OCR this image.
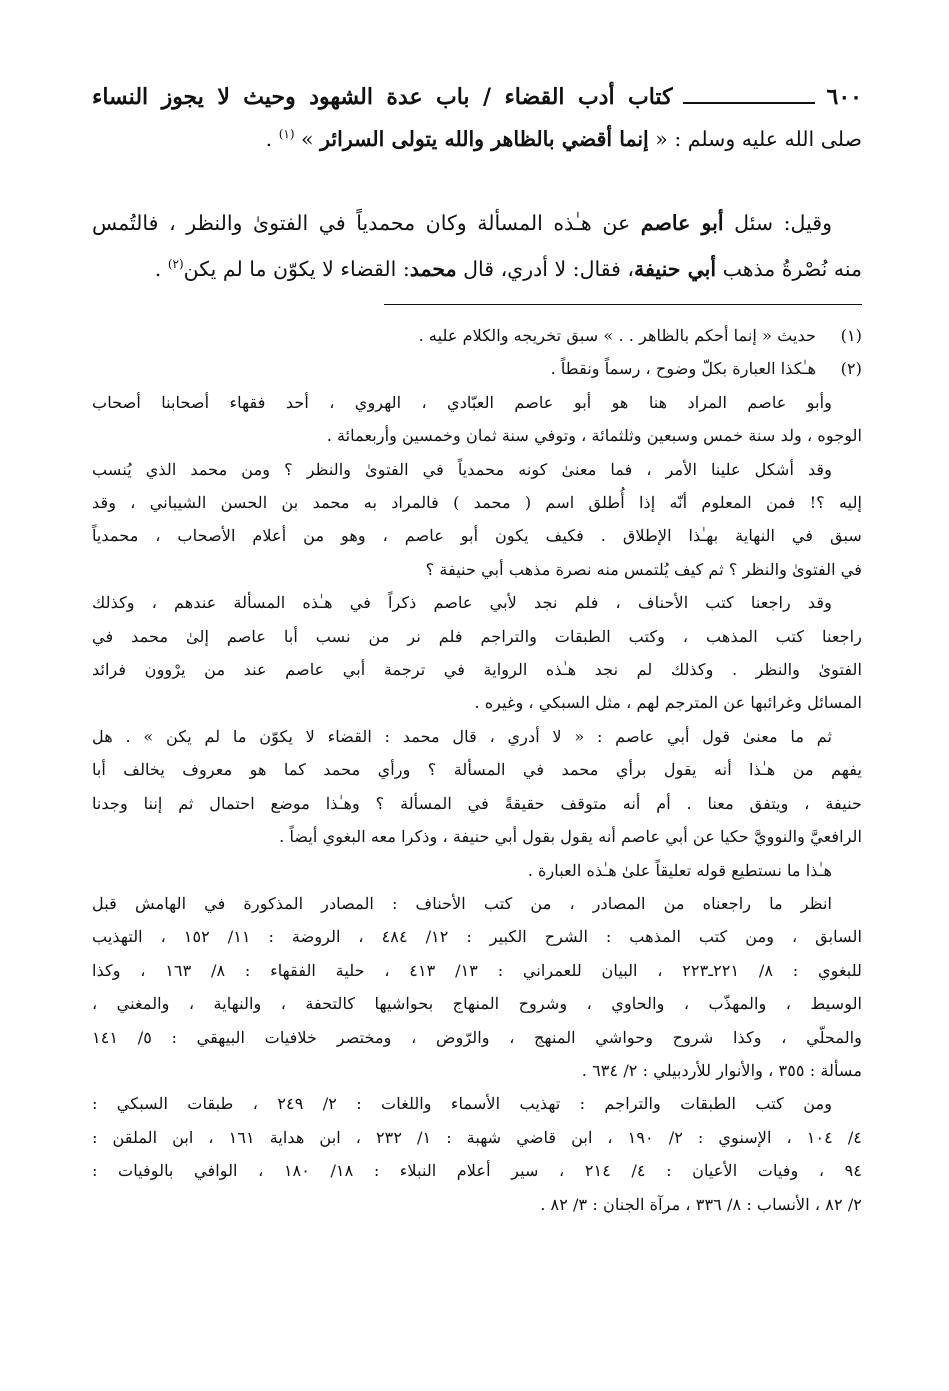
٦٠٠
كتاب أدب القضاء / باب عدة الشهود وحيث لا يجوز النساء
صلى الله عليه وسلم : « إنما أقضي بالظاهر والله يتولى السرائر » $^{(١)}$ .
وقيل: سئل أبو عاصم عن هـٰذه المسألة وكان محمدياً في الفتوىٰ والنظر ، فالتُمس
منه نُصْرةُ مذهب أبي حنيفة، فقال: لا أدري، قال محمد: القضاء لا يكوّن ما لم يكن$^{(٢)}$ .
(١)
حديث « إنما أحكم بالظاهر . . » سبق تخريجه والكلام عليه .
(٢)
هـٰكذا العبارة بكلّ وضوح ، رسماً ونقطاً .
وأبو عاصم المراد هنا هو أبو عاصم العبّادي ، الهروي ، أحد فقهاء أصحابنا أصحاب
الوجوه ، ولد سنة خمس وسبعين وثلثمائة ، وتوفي سنة ثمان وخمسين وأربعمائة .
وقد أشكل علينا الأمر ، فما معنىٰ كونه محمدياً في الفتوىٰ والنظر ؟ ومن محمد الذي يُنسب
إليه ؟! فمن المعلوم أنّه إذا أُطلق اسم ( محمد ) فالمراد به محمد بن الحسن الشيباني ، وقد
سبق في النهاية بهـٰذا الإطلاق . فكيف يكون أبو عاصم ، وهو من أعلام الأصحاب ، محمدياً
في الفتوىٰ والنظر ؟ ثم كيف يُلتمس منه نصرة مذهب أبي حنيفة ؟
وقد راجعنا كتب الأحناف ، فلم نجد لأبي عاصم ذكراً في هـٰذه المسألة عندهم ، وكذلك
راجعنا كتب المذهب ، وكتب الطبقات والتراجم فلم نر من نسب أبا عاصم إلىٰ محمد في
الفتوىٰ والنظر . وكذلك لم نجد هـٰذه الرواية في ترجمة أبي عاصم عند من يرْوون فرائد
المسائل وغرائبها عن المترجم لهم ، مثل السبكي ، وغيره .
ثم ما معنىٰ قول أبي عاصم : « لا أدري ، قال محمد : القضاء لا يكوّن ما لم يكن » . هل
يفهم من هـٰذا أنه يقول برأي محمد في المسألة ؟ ورأي محمد كما هو معروف يخالف أبا
حنيفة ، ويتفق معنا . أم أنه متوقف حقيقةً في المسألة ؟ وهـٰذا موضع احتمال ثم إننا وجدنا
الرافعيَّ والنوويَّ حكيا عن أبي عاصم أنه يقول بقول أبي حنيفة ، وذكرا معه البغوي أيضاً .
هـٰذا ما نستطيع قوله تعليقاً علىٰ هـٰذه العبارة .
انظر ما راجعناه من المصادر ، من كتب الأحناف : المصادر المذكورة في الهامش قبل
السابق ، ومن كتب المذهب : الشرح الكبير : ١٢/ ٤٨٤ ، الروضة : ١١/ ١٥٢ ، التهذيب
للبغوي : ٨/ ٢٢١ـ٢٢٣ ، البيان للعمراني : ١٣/ ٤١٣ ، حلية الفقهاء : ٨/ ١٦٣ ، وكذا
الوسيط ، والمهذّب ، والحاوي ، وشروح المنهاج بحواشيها كالتحفة ، والنهاية ، والمغني ،
والمحلّي ، وكذا شروح وحواشي المنهج ، والرّوض ، ومختصر خلافيات البيهقي : ٥/ ١٤١
مسألة : ٣٥٥ ، والأنوار للأردبيلي : ٢/ ٦٣٤ .
ومن كتب الطبقات والتراجم : تهذيب الأسماء واللغات : ٢/ ٢٤٩ ، طبقات السبكي :
٤/ ١٠٤ ، الإسنوي : ٢/ ١٩٠ ، ابن قاضي شهبة : ١/ ٢٣٢ ، ابن هداية ١٦١ ، ابن الملقن :
٩٤ ، وفيات الأعيان : ٤/ ٢١٤ ، سير أعلام النبلاء : ١٨/ ١٨٠ ، الوافي بالوفيات :
٢/ ٨٢ ، الأنساب : ٨/ ٣٣٦ ، مرآة الجنان : ٣/ ٨٢ .
